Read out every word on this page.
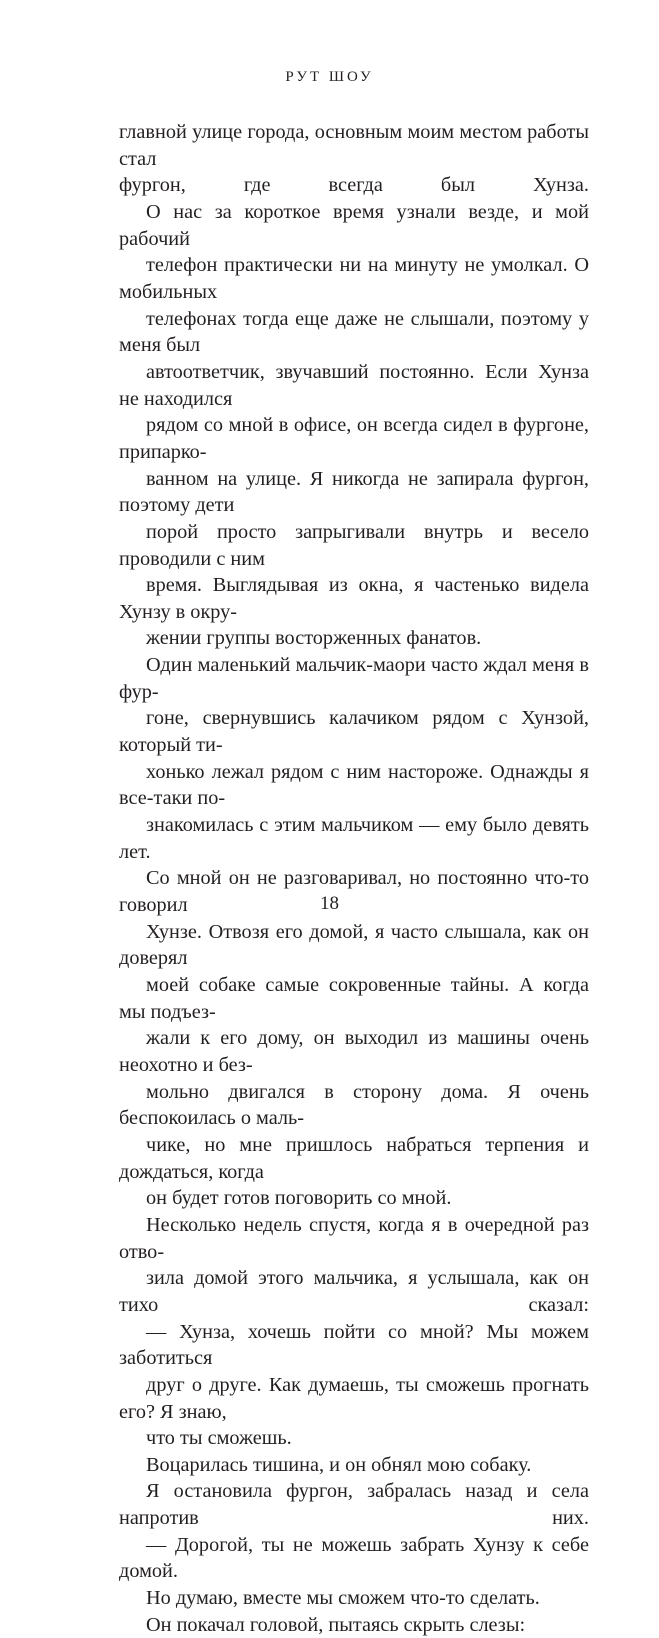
РУТ ШОУ

главной улице города, основным моим местом работы стал
фургон, где всегда был Хунза.

О нас за короткое время узнали везде, и мой рабочий
телефон практически ни на минуту не умолкал. О мобильных
телефонах тогда еще даже не слышали, поэтому у меня был
автоответчик, звучавший постоянно. Если Хунза не находился
рядом со мной в офисе, он всегда сидел в фургоне, припарко-
ванном на улице. Я никогда не запирала фургон, поэтому дети
порой просто запрыгивали внутрь и весело проводили с ним
время. Выглядывая из окна, я частенько видела Хунзу в окру-
жении группы восторженных фанатов.

Один маленький мальчик-маори часто ждал меня в фур-
гоне, свернувшись калачиком рядом с Хунзой, который ти-
хонько лежал рядом с ним настороже. Однажды я все-таки по-
знакомилась с этим мальчиком — ему было девять лет.
Со мной он не разговаривал, но постоянно что-то говорил
Хунзе. Отвозя его домой, я часто слышала, как он доверял
моей собаке самые сокровенные тайны. А когда мы подъез-
жали к его дому, он выходил из машины очень неохотно и без-
мольно двигался в сторону дома. Я очень беспокоилась о маль-
чике, но мне пришлось набраться терпения и дождаться, когда
он будет готов поговорить со мной.

Несколько недель спустя, когда я в очередной раз отво-
зила домой этого мальчика, я услышала, как он тихо сказал:

— Хунза, хочешь пойти со мной? Мы можем заботиться
друг о друге. Как думаешь, ты сможешь прогнать его? Я знаю,
что ты сможешь.

Воцарилась тишина, и он обнял мою собаку.

Я остановила фургон, забралась назад и села напротив них.

— Дорогой, ты не можешь забрать Хунзу к себе домой.
Но думаю, вместе мы сможем что-то сделать.

Он покачал головой, пытаясь скрыть слезы:

18
